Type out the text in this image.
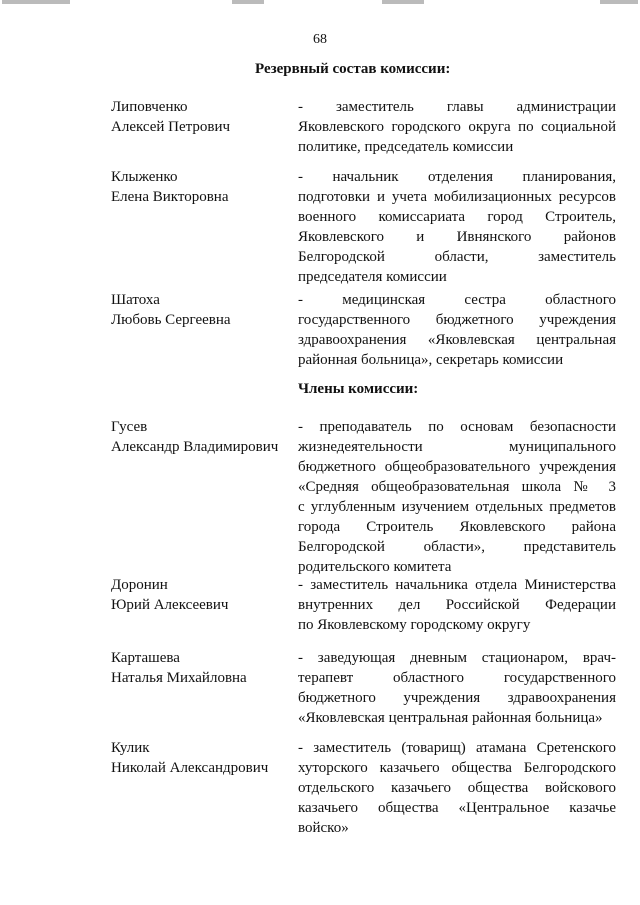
68
Резервный состав комиссии:
Липовченко
Алексей Петрович
- заместитель главы администрации
Яковлевского городского округа по социальной
политике, председатель комиссии
Клыженко
Елена Викторовна
- начальник отделения планирования,
подготовки и учета мобилизационных ресурсов
военного комиссариата город Строитель,
Яковлевского и Ивнянского районов
Белгородской области, заместитель
председателя комиссии
Шатоха
Любовь Сергеевна
- медицинская сестра областного
государственного бюджетного учреждения
здравоохранения «Яковлевская центральная
районная больница», секретарь комиссии
Члены комиссии:
Гусев
Александр Владимирович
- преподаватель по основам безопасности
жизнедеятельности муниципального
бюджетного общеобразовательного учреждения
«Средняя общеобразовательная школа № 3
с углубленным изучением отдельных предметов
города Строитель Яковлевского района
Белгородской области», представитель
родительского комитета
Доронин
Юрий Алексеевич
- заместитель начальника отдела Министерства
внутренних дел Российской Федерации
по Яковлевскому городскому округу
Карташева
Наталья Михайловна
- заведующая дневным стационаром, врач-
терапевт областного государственного
бюджетного учреждения здравоохранения
«Яковлевская центральная районная больница»
Кулик
Николай Александрович
- заместитель (товарищ) атамана Сретенского
хуторского казачьего общества Белгородского
отдельского казачьего общества войскового
казачьего общества «Центральное казачье
войско»
